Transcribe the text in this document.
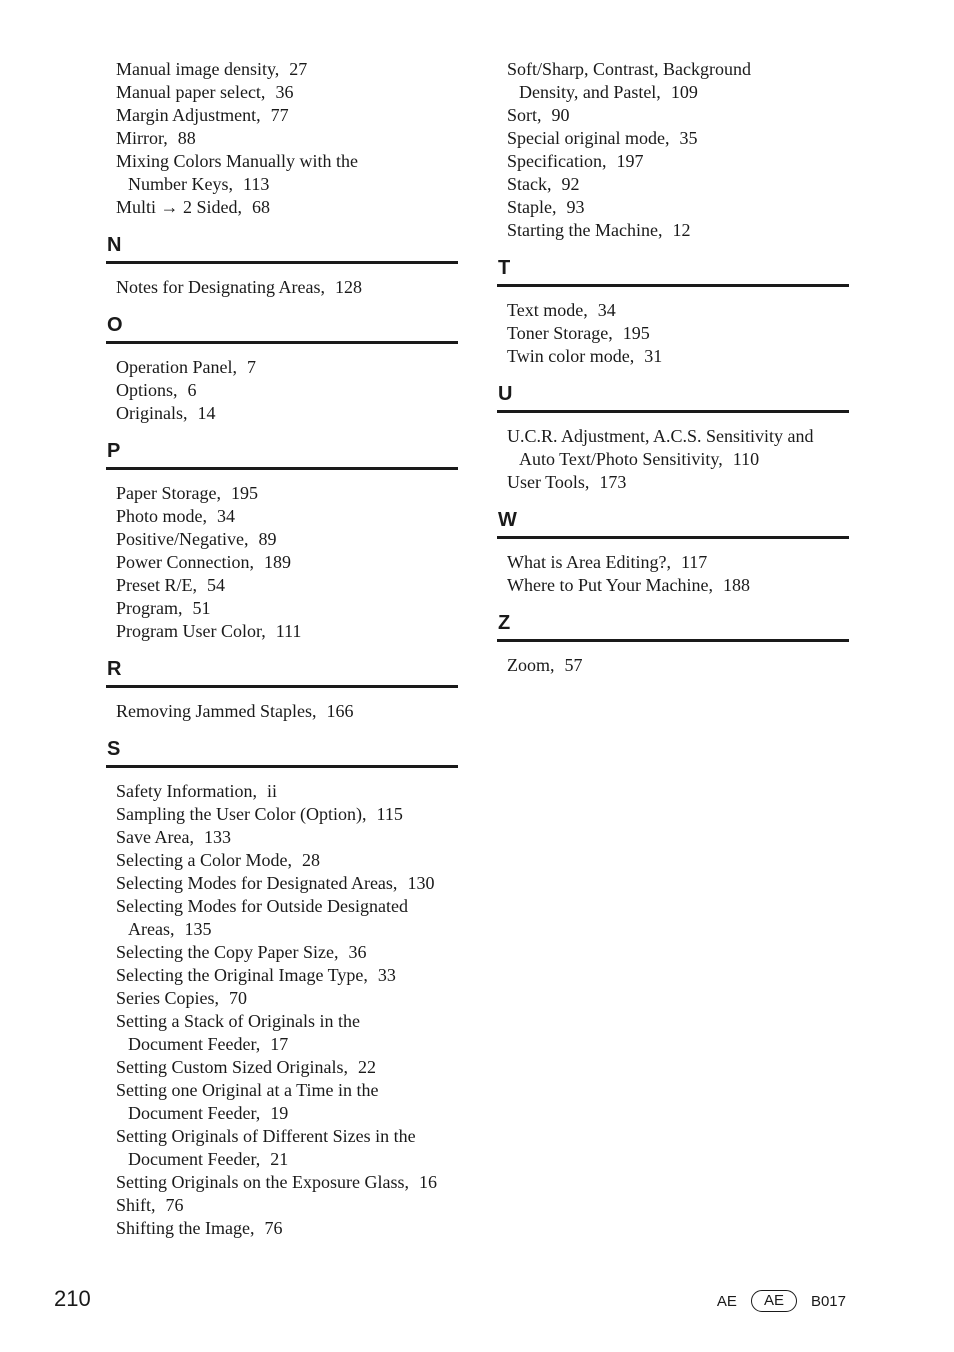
Manual image density, 27
Manual paper select, 36
Margin Adjustment, 77
Mirror, 88
Mixing Colors Manually with the
Number Keys, 113
Multi → 2 Sided, 68
N
Notes for Designating Areas, 128
O
Operation Panel, 7
Options, 6
Originals, 14
P
Paper Storage, 195
Photo mode, 34
Positive/Negative, 89
Power Connection, 189
Preset R/E, 54
Program, 51
Program User Color, 111
R
Removing Jammed Staples, 166
S
Safety Information, ii
Sampling the User Color (Option), 115
Save Area, 133
Selecting a Color Mode, 28
Selecting Modes for Designated Areas, 130
Selecting Modes for Outside Designated
Areas, 135
Selecting the Copy Paper Size, 36
Selecting the Original Image Type, 33
Series Copies, 70
Setting a Stack of Originals in the
Document Feeder, 17
Setting Custom Sized Originals, 22
Setting one Original at a Time in the
Document Feeder, 19
Setting Originals of Different Sizes in the
Document Feeder, 21
Setting Originals on the Exposure Glass, 16
Shift, 76
Shifting the Image, 76
Soft/Sharp, Contrast, Background
Density, and Pastel, 109
Sort, 90
Special original mode, 35
Specification, 197
Stack, 92
Staple, 93
Starting the Machine, 12
T
Text mode, 34
Toner Storage, 195
Twin color mode, 31
U
U.C.R. Adjustment, A.C.S. Sensitivity and
Auto Text/Photo Sensitivity, 110
User Tools, 173
W
What is Area Editing?, 117
Where to Put Your Machine, 188
Z
Zoom, 57
210	AE	AE	B017
